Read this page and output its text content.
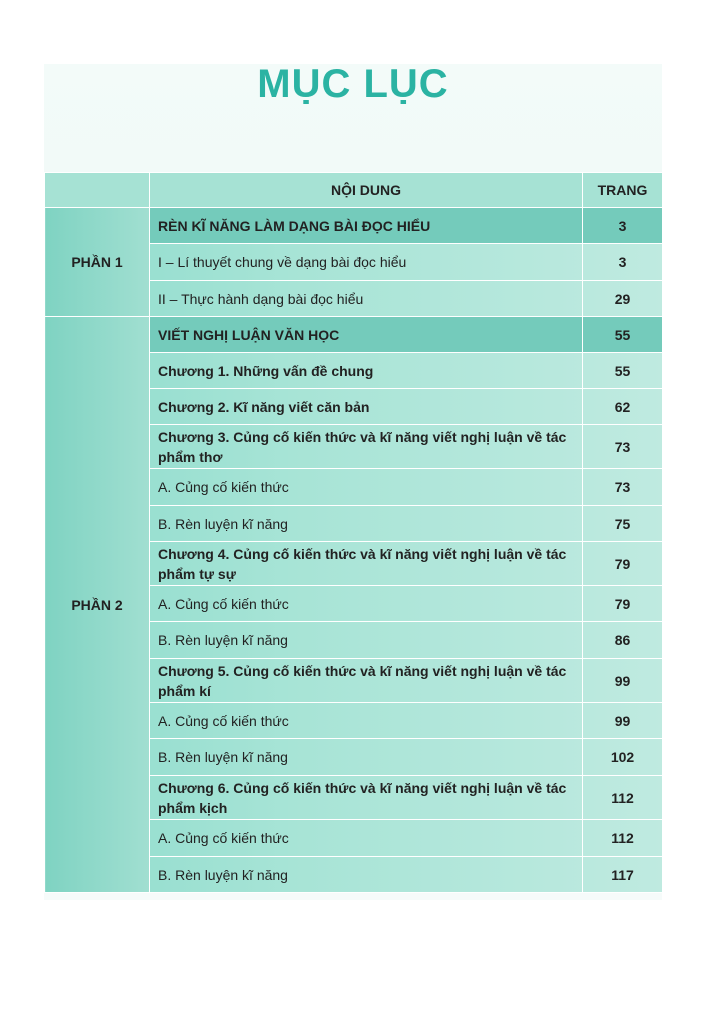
MỤC LỤC
	NỘI DUNG	TRANG
PHẦN 1	RÈN KĨ NĂNG LÀM DẠNG BÀI ĐỌC HIỂU	3
	I – Lí thuyết chung về dạng bài đọc hiểu	3
	II – Thực hành dạng bài đọc hiểu	29
PHẦN 2	VIẾT NGHỊ LUẬN VĂN HỌC	55
	Chương 1. Những vấn đề chung	55
	Chương 2. Kĩ năng viết căn bản	62
	Chương 3. Củng cố kiến thức và kĩ năng viết nghị luận về tác phẩm thơ	73
	A. Củng cố kiến thức	73
	B. Rèn luyện kĩ năng	75
	Chương 4. Củng cố kiến thức và kĩ năng viết nghị luận về tác phẩm tự sự	79
	A. Củng cố kiến thức	79
	B. Rèn luyện kĩ năng	86
	Chương 5. Củng cố kiến thức và kĩ năng viết nghị luận về tác phẩm kí	99
	A. Củng cố kiến thức	99
	B. Rèn luyện kĩ năng	102
	Chương 6. Củng cố kiến thức và kĩ năng viết nghị luận về tác phẩm kịch	112
	A. Củng cố kiến thức	112
	B. Rèn luyện kĩ năng	117
